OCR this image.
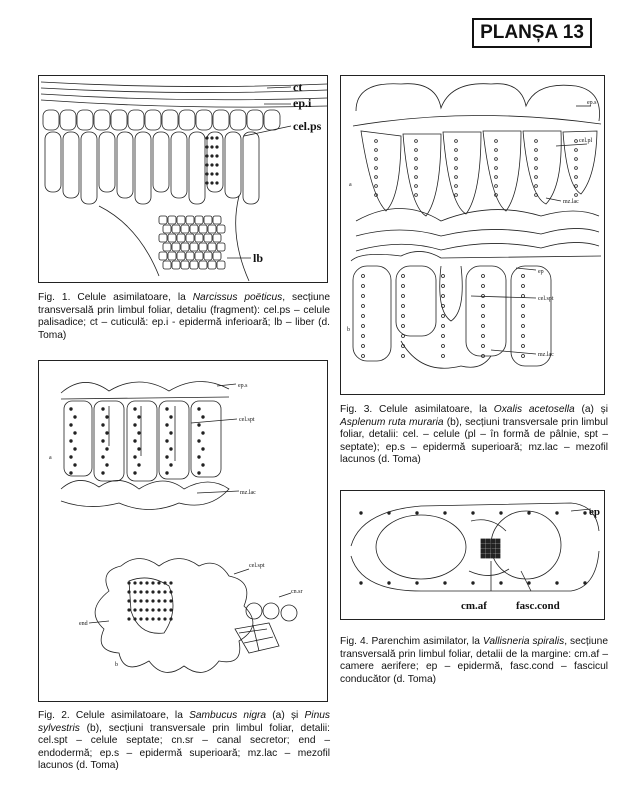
PLANȘA 13
ct
ep.i
cel.ps
lb
Fig. 1. Celule asimilatoare, la Narcissus poëticus, secțiune transversală prin limbul foliar, detaliu (fragment): cel.ps – celule palisadice; ct – cuticulă: ep.i - epidermă inferioară; lb – liber (d. Toma)
ep.s
cel.spt
mz.lac
a
cel.spt
cn.sr
end
b
Fig. 2. Celule asimilatoare, la Sambucus nigra (a) și Pinus sylvestris (b), secțiuni transversale prin limbul foliar, detalii: cel.spt – celule septate; cn.sr – canal secretor; end – endodermă; ep.s – epidermă superioară; mz.lac – mezofil lacunos (d. Toma)
ep.s
cel.pl
a
mz.lac
ep
cel.spt
b
mz.lac
Fig. 3. Celule asimilatoare, la Oxalis acetosella (a) și Asplenum ruta muraria (b), secțiuni transversale prin limbul foliar, detalii: cel. – celule (pl – în formă de pâlnie, spt – septate); ep.s – epidermă superioară; mz.lac – mezofil lacunos (d. Toma)
ep
cm.af	fasc.cond
Fig. 4. Parenchim asimilator, la Vallisneria spiralis, secțiune transversală prin limbul foliar, detalii de la margine: cm.af – camere aerifere; ep – epidermă, fasc.cond – fascicul conducător (d. Toma)
